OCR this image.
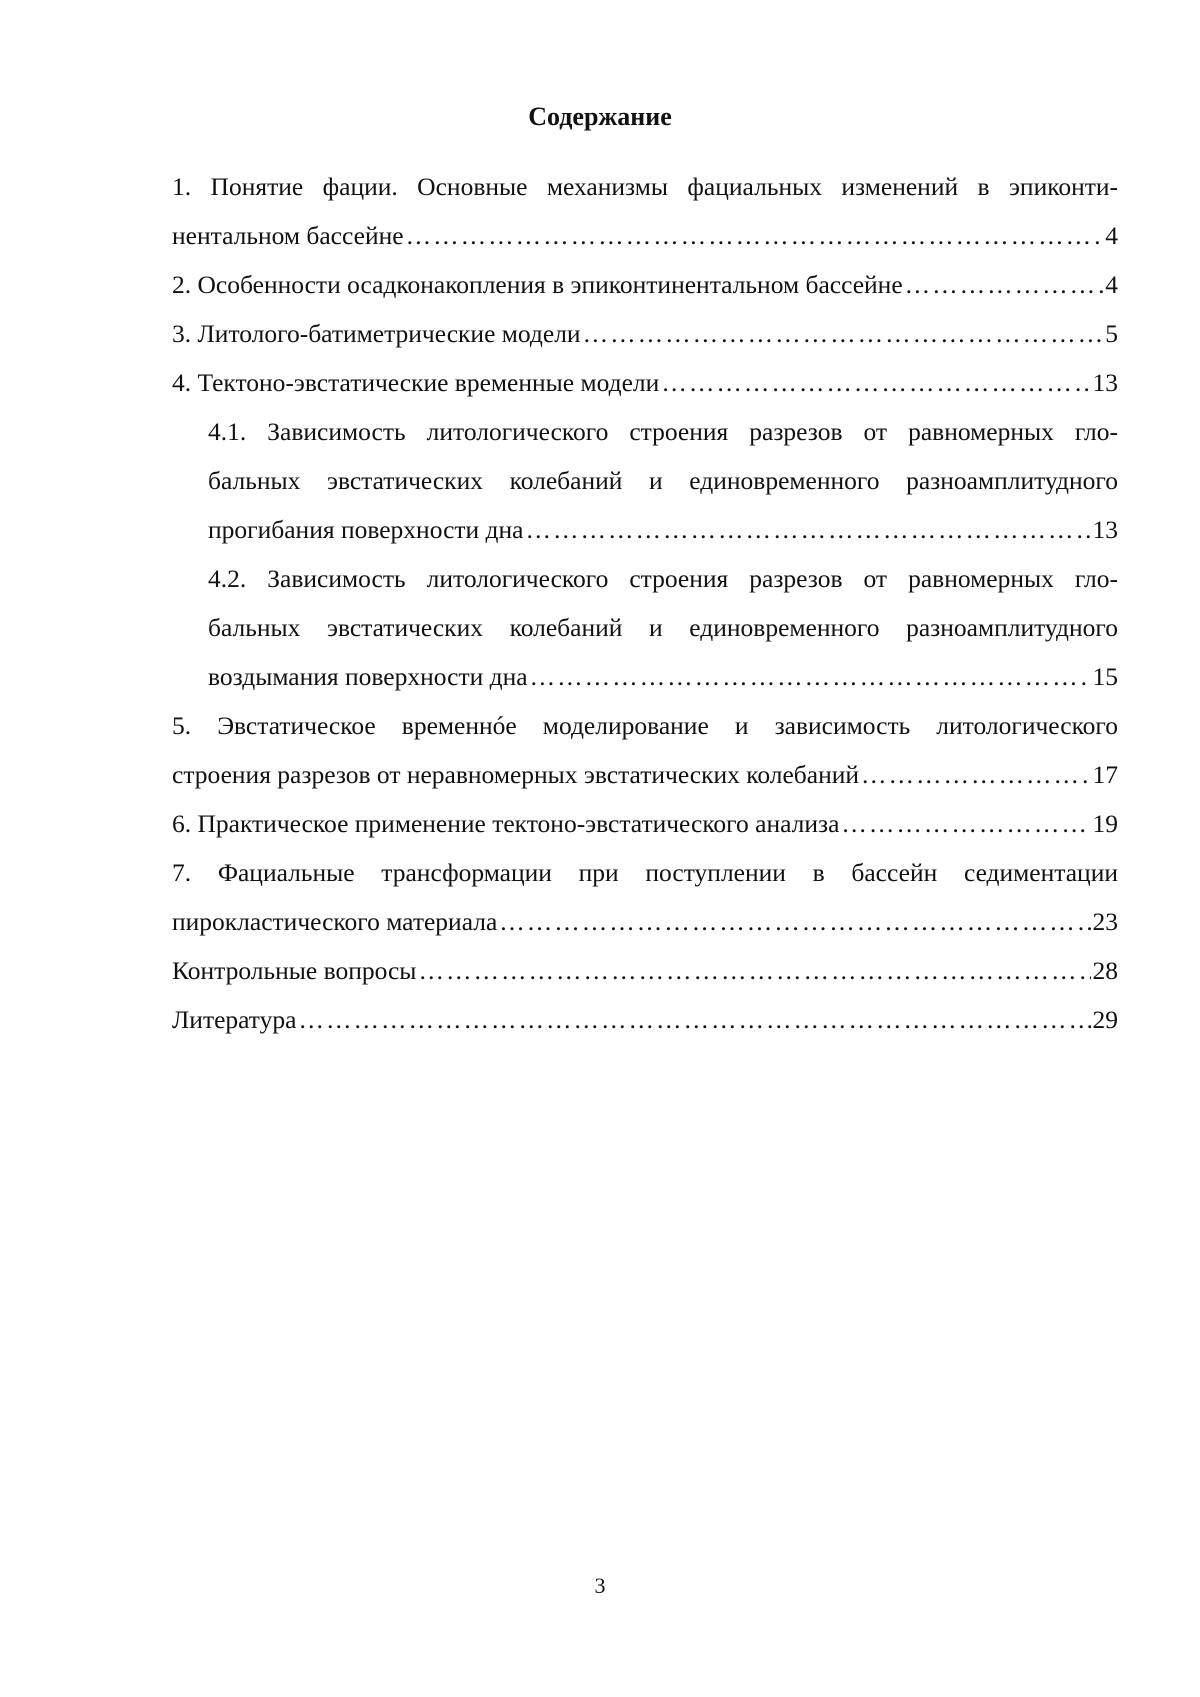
Содержание
1. Понятие фации. Основные механизмы фациальных изменений в эпиконти-
нентальном бассейне ……………………………………………………………………………………………………………………………………………………	4
2. Особенности осадконакопления в эпиконтинентальном бассейне ……………………………………………………………………………………………………………………………………………………	4
3. Литолого-батиметрические модели ……………………………………………………………………………………………………………………………………………………	5
4. Тектоно-эвстатические временные модели ……………………………………………………………………………………………………………………………………………………	13
4.1. Зависимость литологического строения разрезов от равномерных гло-
бальных эвстатических колебаний и единовременного разноамплитудного
прогибания поверхности дна ……………………………………………………………………………………………………………………………………………………	13
4.2. Зависимость литологического строения разрезов от равномерных гло-
бальных эвстатических колебаний и единовременного разноамплитудного
воздымания поверхности дна ……………………………………………………………………………………………………………………………………………………	15
5. Эвстатическое временнóе моделирование и зависимость литологического
строения разрезов от неравномерных эвстатических колебаний ……………………………………………………………………………………………………………………………………………………	17
6. Практическое применение тектоно-эвстатического анализа ……………………………………………………………………………………………………………………………………………………	19
7. Фациальные трансформации при поступлении в бассейн седиментации
пирокластического материала ……………………………………………………………………………………………………………………………………………………	23
Контрольные вопросы ……………………………………………………………………………………………………………………………………………………	28
Литература ……………………………………………………………………………………………………………………………………………………	29
3
